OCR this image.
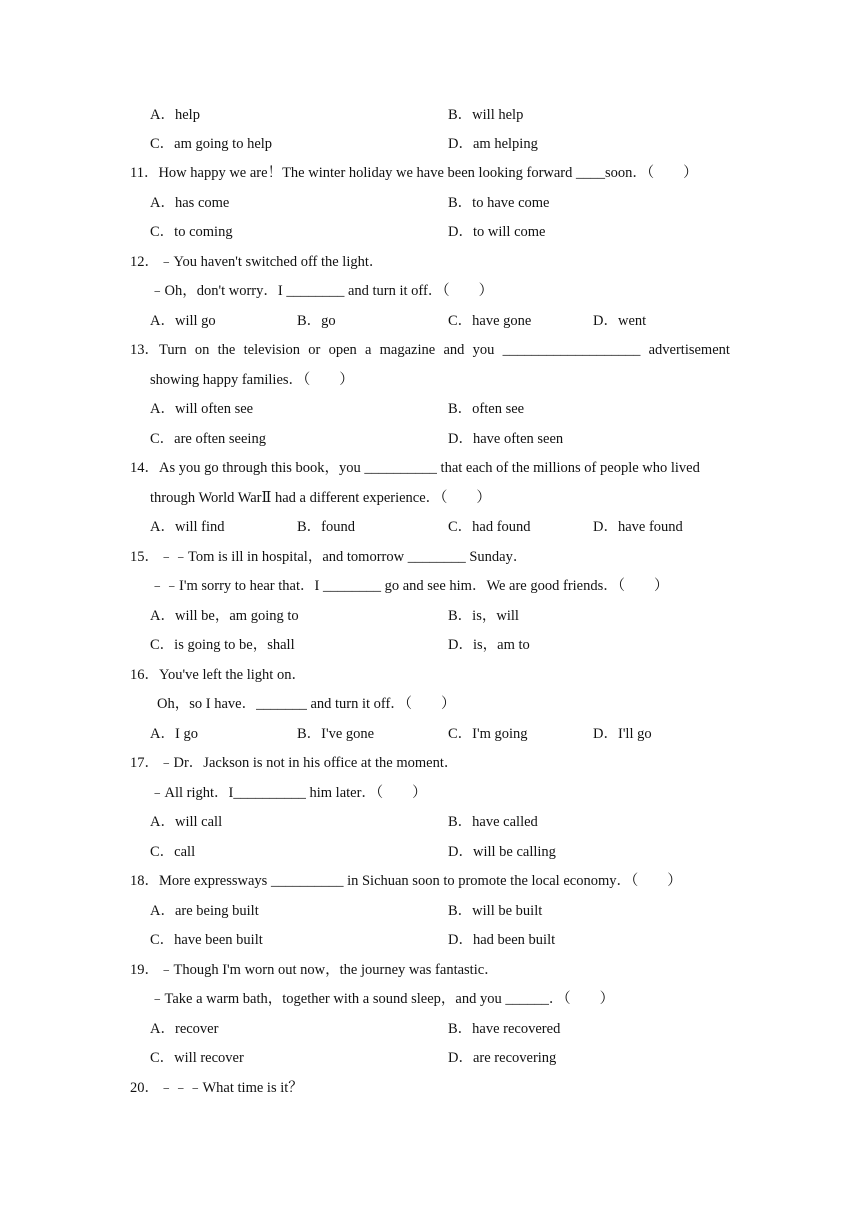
A．help	B．will help
C．am going to help	D．am helping
11．How happy we are！The winter holiday we have been looking forward ____soon．（　　）
A．has come	B．to have come
C．to coming	D．to will come
12．﹣You haven't switched off the light．
﹣Oh，don't worry．I ________ and turn it off．（　　）
A．will go	B．go	C．have gone	D．went
13．Turn on the television or open a magazine and you ___________________ advertisement
showing happy families．（　　）
A．will often see	B．often see
C．are often seeing	D．have often seen
14．As you go through this book，you __________ that each of the millions of people who lived
through World WarⅡ had a different experience．（　　）
A．will find	B．found	C．had found	D．have found
15．﹣﹣Tom is ill in hospital，and tomorrow ________ Sunday．
﹣﹣I'm sorry to hear that．I ________ go and see him．We are good friends．（　　）
A．will be，am going to	B．is，will
C．is going to be，shall	D．is，am to
16．You've left the light on．
Oh，so I have．_______ and turn it off．（　　）
A．I go	B．I've gone	C．I'm going	D．I'll go
17．﹣Dr．Jackson is not in his office at the moment．
﹣All right．I__________ him later．（　　）
A．will call	B．have called
C．call	D．will be calling
18．More expressways __________ in Sichuan soon to promote the local economy．（　　）
A．are being built	B．will be built
C．have been built	D．had been built
19．﹣Though I'm worn out now，the journey was fantastic．
﹣Take a warm bath，together with a sound sleep，and you ______．（　　）
A．recover	B．have recovered
C．will recover	D．are recovering
20．﹣﹣﹣What time is it？
